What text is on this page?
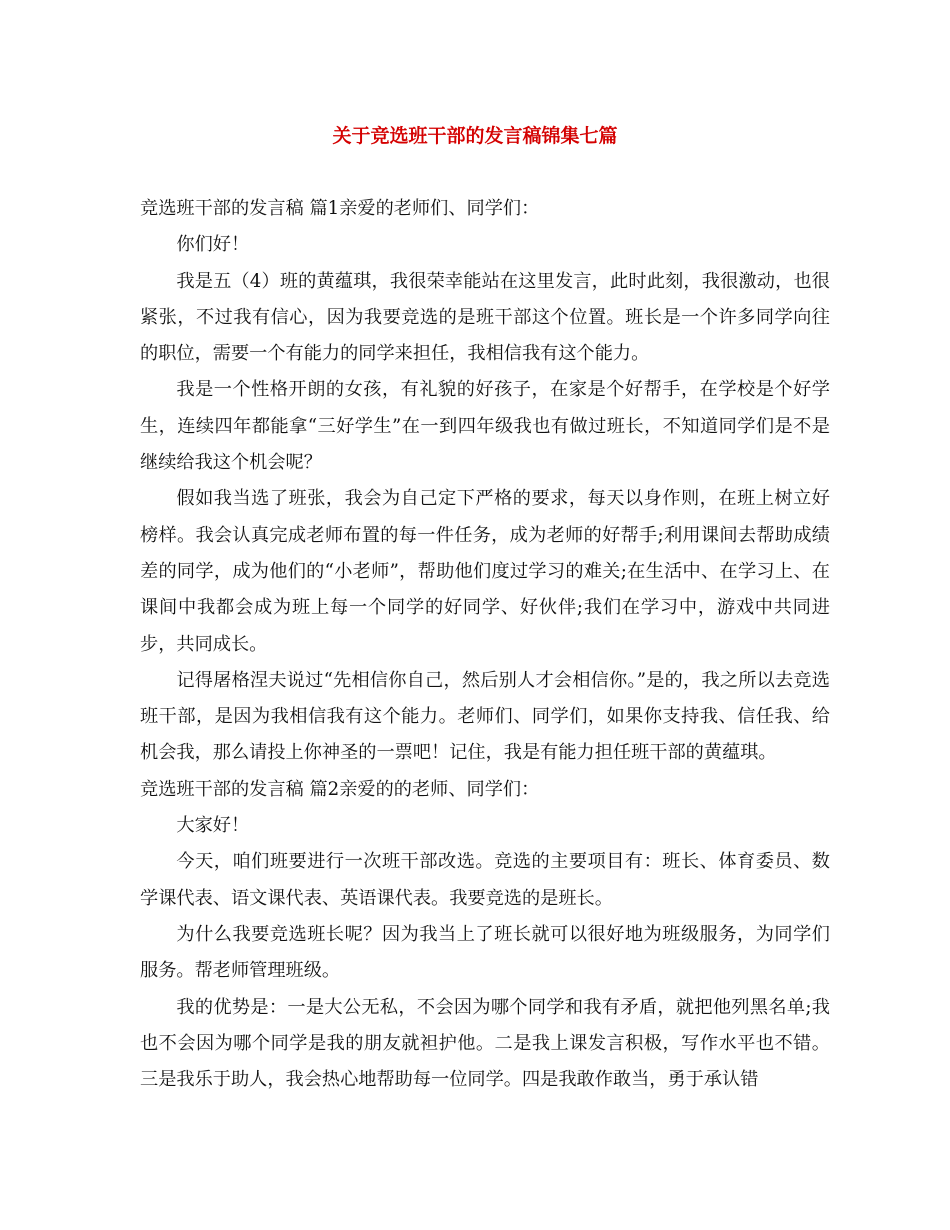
关于竞选班干部的发言稿锦集七篇

竞选班干部的发言稿 篇1亲爱的老师们、同学们：

你们好！

我是五（4）班的黄蕴琪，我很荣幸能站在这里发言，此时此刻，我很激动，也很紧张，不过我有信心，因为我要竞选的是班干部这个位置。班长是一个许多同学向往的职位，需要一个有能力的同学来担任，我相信我有这个能力。

我是一个性格开朗的女孩，有礼貌的好孩子，在家是个好帮手，在学校是个好学生，连续四年都能拿“三好学生”在一到四年级我也有做过班长，不知道同学们是不是继续给我这个机会呢？

假如我当选了班张，我会为自己定下严格的要求，每天以身作则，在班上树立好榜样。我会认真完成老师布置的每一件任务，成为老师的好帮手;利用课间去帮助成绩差的同学，成为他们的“小老师”，帮助他们度过学习的难关;在生活中、在学习上、在课间中我都会成为班上每一个同学的好同学、好伙伴;我们在学习中，游戏中共同进步，共同成长。

记得屠格涅夫说过“先相信你自己，然后别人才会相信你。”是的，我之所以去竞选班干部，是因为我相信我有这个能力。老师们、同学们，如果你支持我、信任我、给机会我，那么请投上你神圣的一票吧！记住，我是有能力担任班干部的黄蕴琪。

竞选班干部的发言稿 篇2亲爱的的老师、同学们：

大家好！

今天，咱们班要进行一次班干部改选。竞选的主要项目有：班长、体育委员、数学课代表、语文课代表、英语课代表。我要竞选的是班长。

为什么我要竞选班长呢？因为我当上了班长就可以很好地为班级服务，为同学们服务。帮老师管理班级。

我的优势是：一是大公无私，不会因为哪个同学和我有矛盾，就把他列黑名单;我也不会因为哪个同学是我的朋友就袒护他。二是我上课发言积极，写作水平也不错。三是我乐于助人，我会热心地帮助每一位同学。四是我敢作敢当，勇于承认错
